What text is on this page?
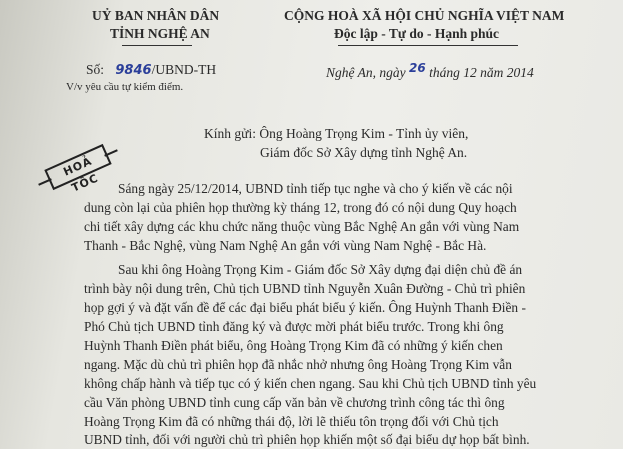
UỶ BAN NHÂN DÂN
TỈNH NGHỆ AN
CỘNG HOÀ XÃ HỘI CHỦ NGHĨA VIỆT NAM
Độc lập - Tự do - Hạnh phúc
Số: 9846/UBND-TH
V/v yêu cầu tự kiểm điểm.
Nghệ An, ngày 26 tháng 12 năm 2014
HOẢ TỐC
Kính gửi: Ông Hoàng Trọng Kim - Tỉnh ủy viên,
Giám đốc Sở Xây dựng tỉnh Nghệ An.
Sáng ngày 25/12/2014, UBND tỉnh tiếp tục nghe và cho ý kiến về các nội
dung còn lại của phiên họp thường kỳ tháng 12, trong đó có nội dung Quy hoạch
chi tiết xây dựng các khu chức năng thuộc vùng Bắc Nghệ An gắn với vùng Nam
Thanh - Bắc Nghệ, vùng Nam Nghệ An gắn với vùng Nam Nghệ - Bắc Hà.
Sau khi ông Hoàng Trọng Kim - Giám đốc Sở Xây dựng đại diện chủ đề án
trình bày nội dung trên, Chủ tịch UBND tỉnh Nguyễn Xuân Đường - Chủ trì phiên
họp gợi ý và đặt vấn đề để các đại biểu phát biểu ý kiến. Ông Huỳnh Thanh Điền -
Phó Chủ tịch UBND tỉnh đăng ký và được mời phát biểu trước. Trong khi ông
Huỳnh Thanh Điền phát biểu, ông Hoàng Trọng Kim đã có những ý kiến chen
ngang. Mặc dù chủ trì phiên họp đã nhắc nhở nhưng ông Hoàng Trọng Kim vẫn
không chấp hành và tiếp tục có ý kiến chen ngang. Sau khi Chủ tịch UBND tỉnh yêu
cầu Văn phòng UBND tỉnh cung cấp văn bản về chương trình công tác thì ông
Hoàng Trọng Kim đã có những thái độ, lời lẽ thiếu tôn trọng đối với Chủ tịch
UBND tỉnh, đối với người chủ trì phiên họp khiến một số đại biểu dự họp bất bình.
